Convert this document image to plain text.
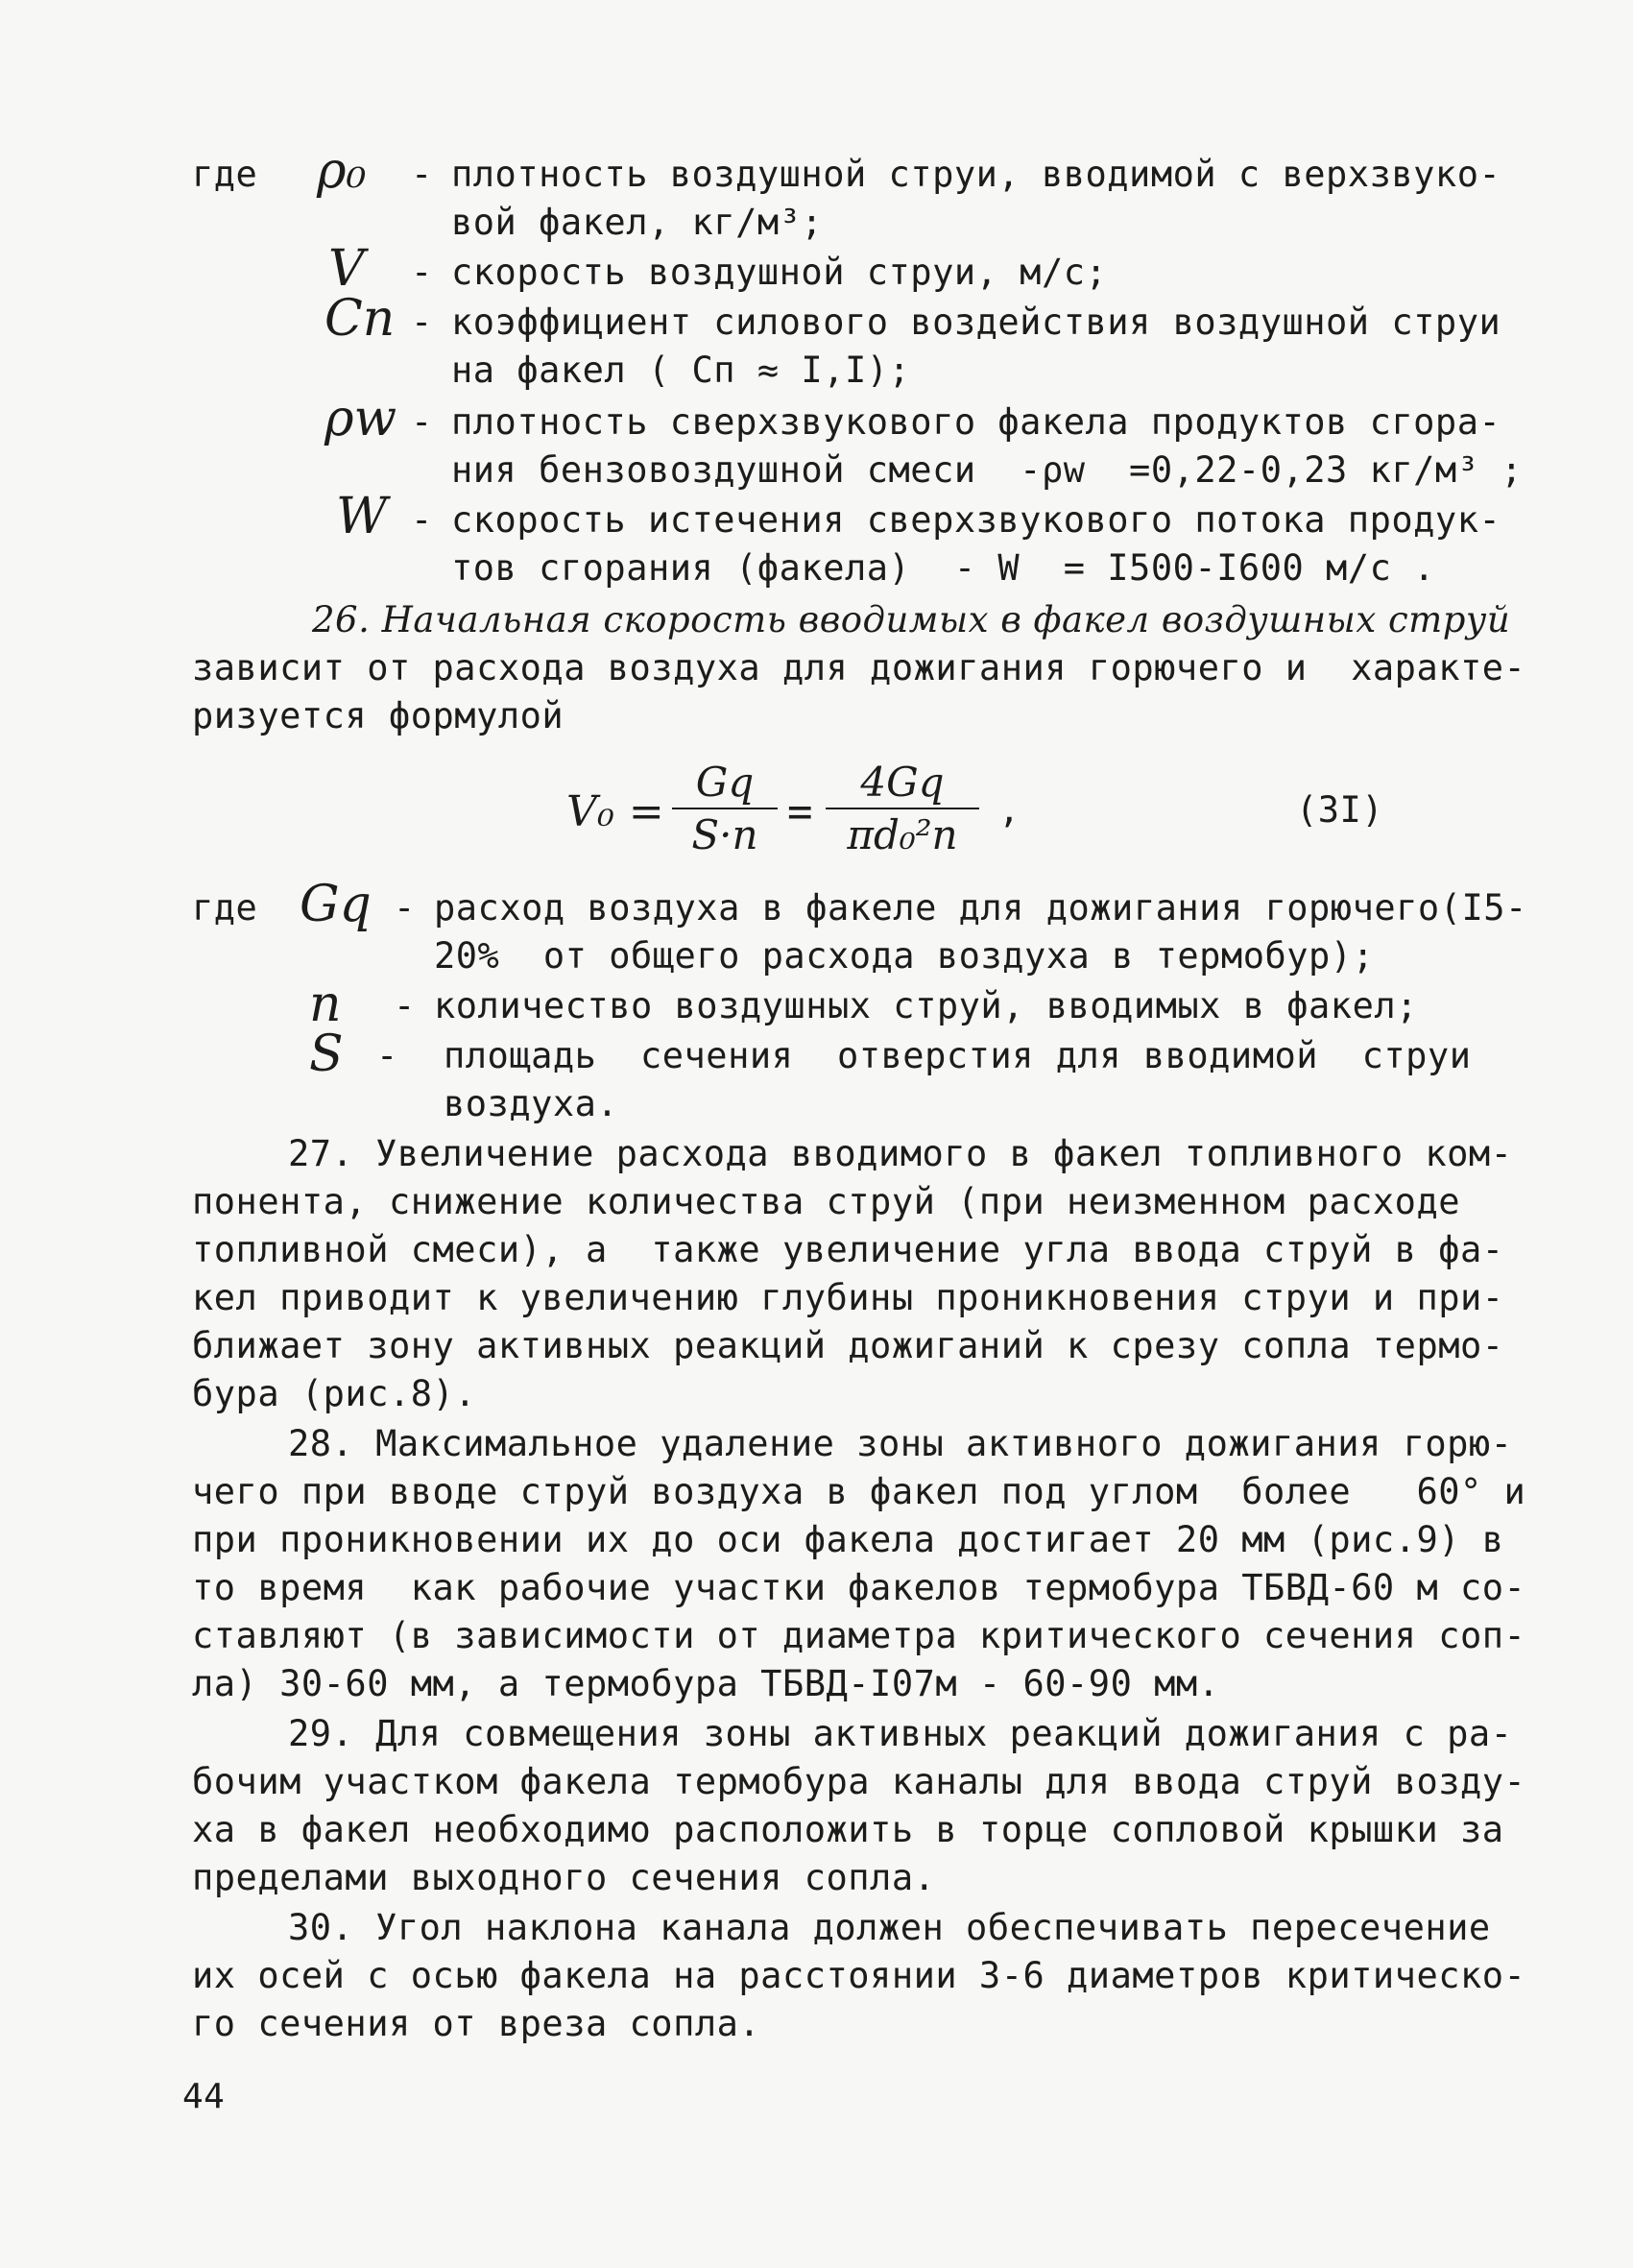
где ρ₀ - плотность воздушной струи, вводимой с верхзвуко-
вой факел, кг/м³;
V - скорость воздушной струи, м/с;
Cп - коэффициент силового воздействия воздушной струи
на факел ( Cп ≈ I,I);
ρw - плотность сверхзвукового факела продуктов сгора-
ния бензовоздушной смеси  -ρw  =0,22-0,23 кг/м³ ;
W - скорость истечения сверхзвукового потока продук-
тов сгорания (факела)  - W  = I500-I600 м/с .
26. Начальная скорость вводимых в факел воздушных струй
зависит от расхода воздуха для дожигания горючего и  характе-
ризуется формулой
V₀ =
Gq
S·n =
4Gq
πd₀²n
,	(3I)
где Gq - расход воздуха в факеле для дожигания горючего(I5-
20%  от общего расхода воздуха в термобур);
n - количество воздушных струй, вводимых в факел;
S - площадь  сечения  отверстия для вводимой  струи
воздуха.
27. Увеличение расхода вводимого в факел топливного ком-
понента, снижение количества струй (при неизменном расходе
топливной смеси), а  также увеличение угла ввода струй в фа-
кел приводит к увеличению глубины проникновения струи и при-
ближает зону активных реакций дожиганий к срезу сопла термо-
бура (рис.8).
28. Максимальное удаление зоны активного дожигания горю-
чего при вводе струй воздуха в факел под углом  более   60° и
при проникновении их до оси факела достигает 20 мм (рис.9) в
то время  как рабочие участки факелов термобура ТБВД-60 м со-
ставляют (в зависимости от диаметра критического сечения соп-
ла) 30-60 мм, а термобура ТБВД-I07м - 60-90 мм.
29. Для совмещения зоны активных реакций дожигания с ра-
бочим участком факела термобура каналы для ввода струй возду-
ха в факел необходимо расположить в торце сопловой крышки за
пределами выходного сечения сопла.
30. Угол наклона канала должен обеспечивать пересечение
их осей с осью факела на расстоянии 3-6 диаметров критическо-
го сечения от вреза сопла.
44
